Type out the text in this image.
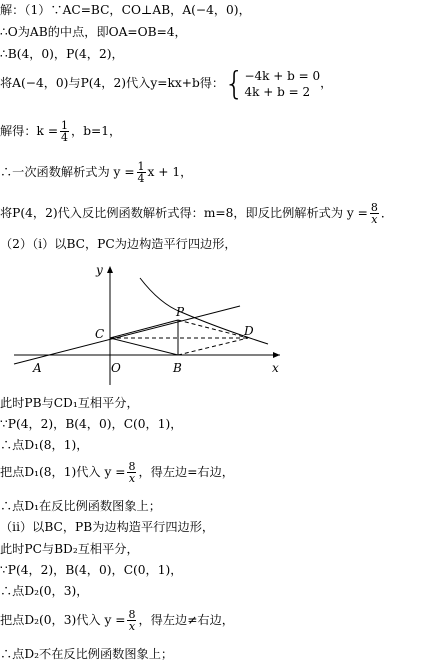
解：（1）∵AC=BC，CO⊥AB，A(−4，0)，
∴O为AB的中点，即OA=OB=4，
∴B(4，0)，P(4，2)，
将A(−4，0)与P(4，2)代入y=kx+b得：{ −4k + b = 0
4k + b = 2
，
解得：$k = \frac{1}{4}$ ，b=1，
∴一次函数解析式为 $y = \frac{1}{4}$ x + 1，
将P(4，2)代入反比例函数解析式得：m=8，即反比例解析式为 $y = \frac{8}{x}$ ．
（2）（i）以BC，PC为边构造平行四边形，
y
x
P
C	D
A	O	B
此时PB与CD₁互相平分，
∵P(4，2)，B(4，0)，C(0，1)，
∴点D₁(8，1)，
把点D₁(8，1)代入 $y = \frac{8}{x}$ ，得左边=右边，
∴点D₁在反比例函数图象上；
（ii）以BC，PB为边构造平行四边形，
此时PC与BD₂互相平分，
∵P(4，2)，B(4，0)，C(0，1)，
∴点D₂(0，3)，
把点D₂(0，3)代入 $y = \frac{8}{x}$ ，得左边≠右边，
∴点D₂不在反比例函数图象上；
